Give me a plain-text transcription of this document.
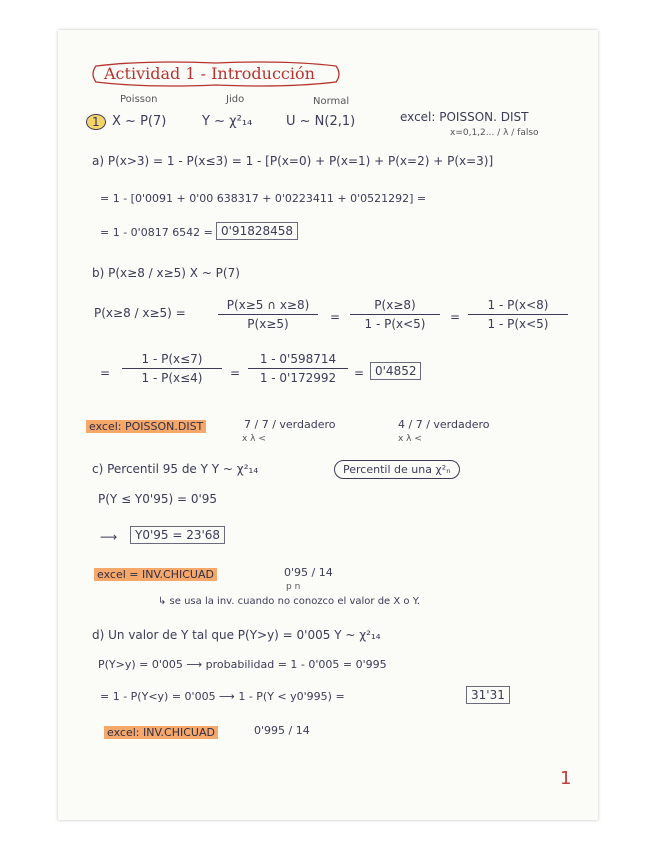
Actividad 1 - Introducción
Poisson	Jido	Normal
1 X ~ P(7)	Y ~ χ²₁₄	U ~ N(2,1)	excel: POISSON. DIST
x=0,1,2... / λ / falso
a) P(x>3) = 1 - P(x≤3) = 1 - [P(x=0) + P(x=1) + P(x=2) + P(x=3)]
= 1 - [0'0091 + 0'00 638317 + 0'0223411 + 0'0521292] =
= 1 - 0'0817 6542 = 0'91828458
b) P(x≥8 / x≥5) X ~ P(7)
P(x≥8 / x≥5) =
P(x≥5 ∩ x≥8)
P(x≥5)	=
P(x≥8)
1 - P(x<5)	=
1 - P(x<8)
1 - P(x<5)
=
1 - P(x≤7)
1 - P(x≤4)	=
1 - 0'598714
1 - 0'172992	= 0'4852
excel: POISSON.DIST	7 / 7 / verdadero
x λ <
4 / 7 / verdadero
x λ <
c) Percentil 95 de Y Y ~ χ²₁₄	Percentil de una χ²ₙ
P(Y ≤ Y0'95) = 0'95
⟶	Y0'95 = 23'68
excel = INV.CHICUAD	0'95 / 14
p n
↳ se usa la inv. cuando no conozco el valor de X o Y.
d) Un valor de Y tal que P(Y>y) = 0'005 Y ~ χ²₁₄
P(Y>y) = 0'005 ⟶ probabilidad = 1 - 0'005 = 0'995
= 1 - P(Y<y) = 0'005 ⟶ 1 - P(Y < y0'995) =	31'31
excel: INV.CHICUAD	0'995 / 14
1
